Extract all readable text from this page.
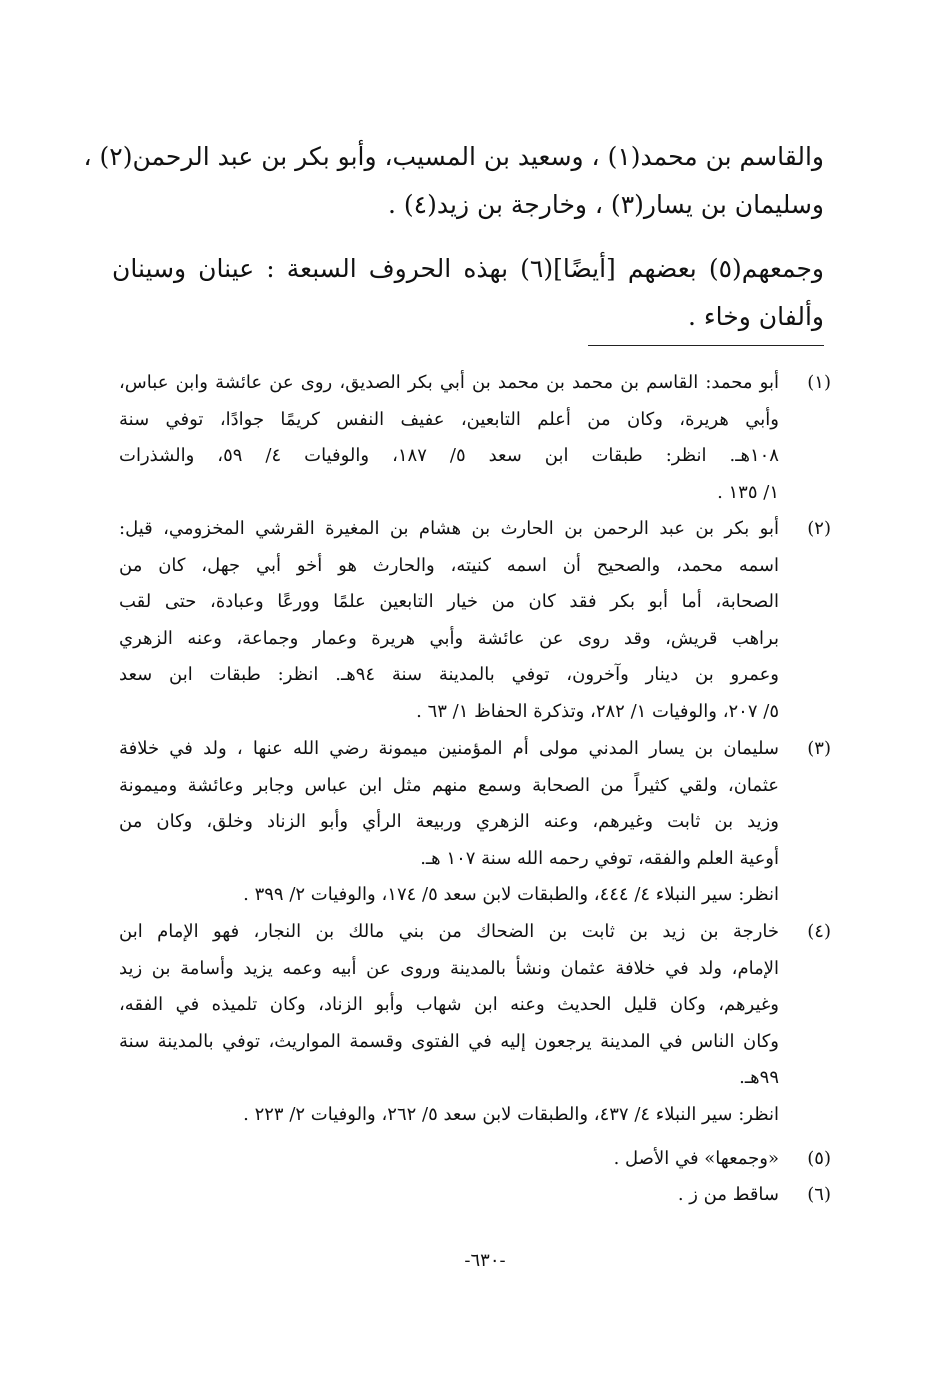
والقاسم بن محمد(١) ، وسعيد بن المسيب، وأبو بكر بن عبد الرحمن(٢) ،

وسليمان بن يسار(٣) ، وخارجة بن زيد(٤) .

وجمعهم(٥) بعضهم [أيضًا](٦) بهذه الحروف السبعة : عينان وسينان

وألفان وخاء .

(١)
أبو محمد: القاسم بن محمد بن محمد بن أبي بكر الصديق، روى عن عائشة وابن عباس،
وأبي هريرة، وكان من أعلم التابعين، عفيف النفس كريمًا جوادًا، توفي سنة
١٠٨هـ. انظر: طبقات ابن سعد ٥/ ١٨٧، والوفيات ٤/ ٥٩، والشذرات
١/ ١٣٥ .
(٢)
أبو بكر بن عبد الرحمن بن الحارث بن هشام بن المغيرة القرشي المخزومي، قيل:
اسمه محمد، والصحيح أن اسمه كنيته، والحارث هو أخو أبي جهل، كان من
الصحابة، أما أبو بكر فقد كان من خيار التابعين علمًا وورعًا وعبادة، حتى لقب
براهب قريش، وقد روى عن عائشة وأبي هريرة وعمار وجماعة، وعنه الزهري
وعمرو بن دينار وآخرون، توفي بالمدينة سنة ٩٤هـ. انظر: طبقات ابن سعد
٥/ ٢٠٧، والوفيات ١/ ٢٨٢، وتذكرة الحفاظ ١/ ٦٣ .
(٣)
سليمان بن يسار المدني مولى أم المؤمنين ميمونة رضي الله عنها ، ولد في خلافة
عثمان، ولقي كثيراً من الصحابة وسمع منهم مثل ابن عباس وجابر وعائشة وميمونة
وزيد بن ثابت وغيرهم، وعنه الزهري وربيعة الرأي وأبو الزناد وخلق، وكان من
أوعية العلم والفقه، توفي رحمه الله سنة ١٠٧ هـ.
انظر: سير النبلاء ٤/ ٤٤٤، والطبقات لابن سعد ٥/ ١٧٤، والوفيات ٢/ ٣٩٩ .
(٤)
خارجة بن زيد بن ثابت بن الضحاك من بني مالك بن النجار، فهو الإمام ابن
الإمام، ولد في خلافة عثمان ونشأ بالمدينة وروى عن أبيه وعمه يزيد وأسامة بن زيد
وغيرهم، وكان قليل الحديث وعنه ابن شهاب وأبو الزناد، وكان تلميذه في الفقه،
وكان الناس في المدينة يرجعون إليه في الفتوى وقسمة المواريث، توفي بالمدينة سنة
٩٩هـ.
انظر: سير النبلاء ٤/ ٤٣٧، والطبقات لابن سعد ٥/ ٢٦٢، والوفيات ٢/ ٢٢٣ .
(٥)
«وجمعها» في الأصل .
(٦)
ساقط من ز .
-٦٣٠-
